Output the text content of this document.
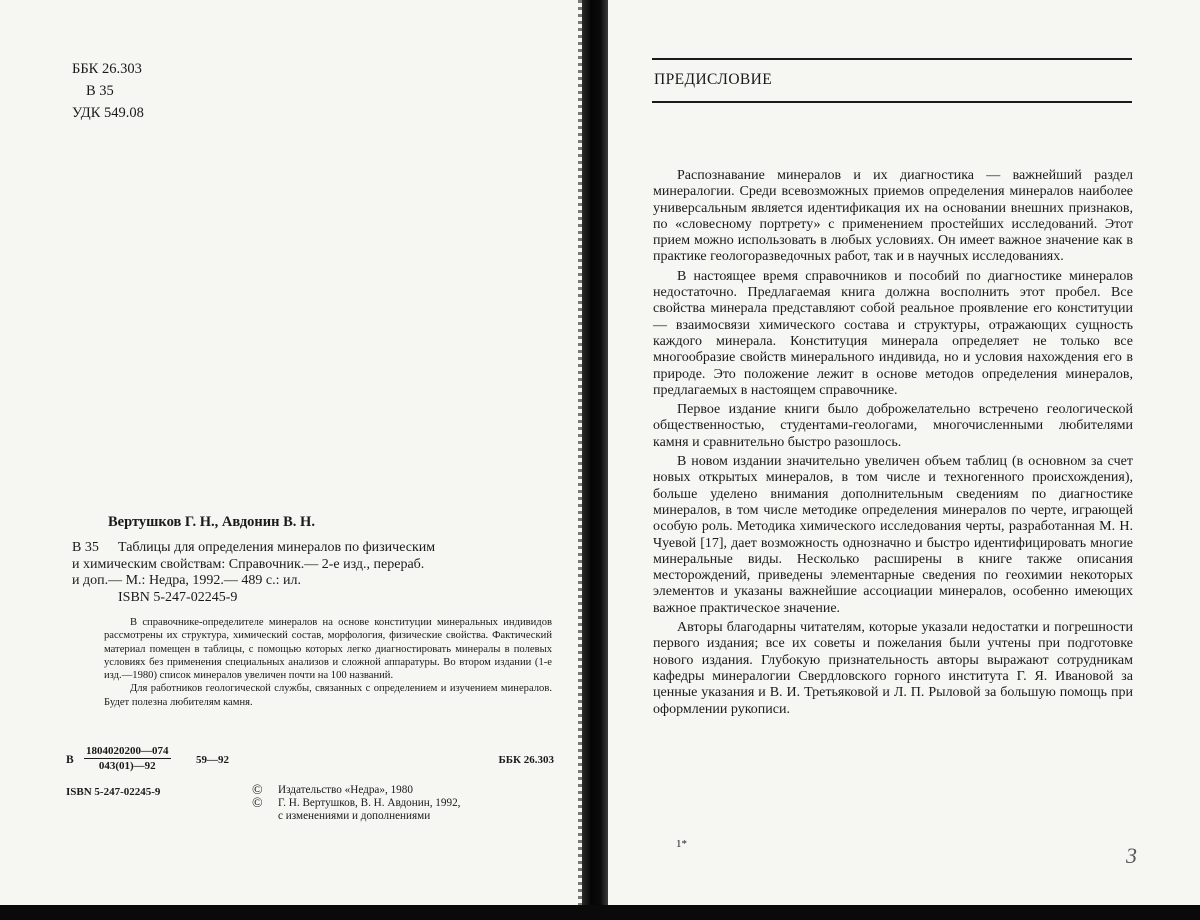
ББК 26.303
В 35
УДК 549.08
Вертушков Г. Н., Авдонин В. Н.
В 35 Таблицы для определения минералов по физическим
и химическим свойствам: Справочник.— 2-е изд., перераб.
и доп.— М.: Недра, 1992.— 489 с.: ил.
ISBN 5-247-02245-9

В справочнике-определителе минералов на основе конституции минеральных индивидов рассмотрены их структура, химический состав, морфология, физические свойства. Фактический материал помещен в таблицы, с помощью которых легко диагностировать минералы в полевых условиях без применения специальных анализов и сложной аппаратуры. Во втором издании (1-е изд.—1980) список минералов увеличен почти на 100 названий.

Для работников геологической службы, связанных с определением и изучением минералов. Будет полезна любителям камня.

В $\frac{1804020200—074}{043(01)—92}$ 59—92	ББК 26.303
ISBN 5-247-02245-9	©	Издательство «Недра», 1980
©	Г. Н. Вертушков, В. Н. Авдонин, 1992,
с изменениями и дополнениями
ПРЕДИСЛОВИЕ

Распознавание минералов и их диагностика — важнейший раздел минералогии. Среди всевозможных приемов определения минералов наиболее универсальным является идентификация их на основании внешних признаков, по «словесному портрету» с применением простейших исследований. Этот прием можно использовать в любых условиях. Он имеет важное значение как в практике геологоразведочных работ, так и в научных исследованиях.

В настоящее время справочников и пособий по диагностике минералов недостаточно. Предлагаемая книга должна восполнить этот пробел. Все свойства минерала представляют собой реальное проявление его конституции — взаимосвязи химического состава и структуры, отражающих сущность каждого минерала. Конституция минерала определяет не только все многообразие свойств минерального индивида, но и условия нахождения его в природе. Это положение лежит в основе методов определения минералов, предлагаемых в настоящем справочнике.

Первое издание книги было доброжелательно встречено геологической общественностью, студентами-геологами, многочисленными любителями камня и сравнительно быстро разошлось.

В новом издании значительно увеличен объем таблиц (в основном за счет новых открытых минералов, в том числе и техногенного происхождения), больше уделено внимания дополнительным сведениям по диагностике минералов, в том числе методике определения минералов по черте, играющей особую роль. Методика химического исследования черты, разработанная М. Н. Чуевой [17], дает возможность однозначно и быстро идентифицировать многие минеральные виды. Несколько расширены в книге также описания месторождений, приведены элементарные сведения по геохимии некоторых элементов и указаны важнейшие ассоциации минералов, особенно имеющих важное практическое значение.

Авторы благодарны читателям, которые указали недостатки и погрешности первого издания; все их советы и пожелания были учтены при подготовке нового издания. Глубокую признательность авторы выражают сотрудникам кафедры минералогии Свердловского горного института Г. Я. Ивановой за ценные указания и В. И. Третьяковой и Л. П. Рыловой за большую помощь при оформлении рукописи.

1*	3
